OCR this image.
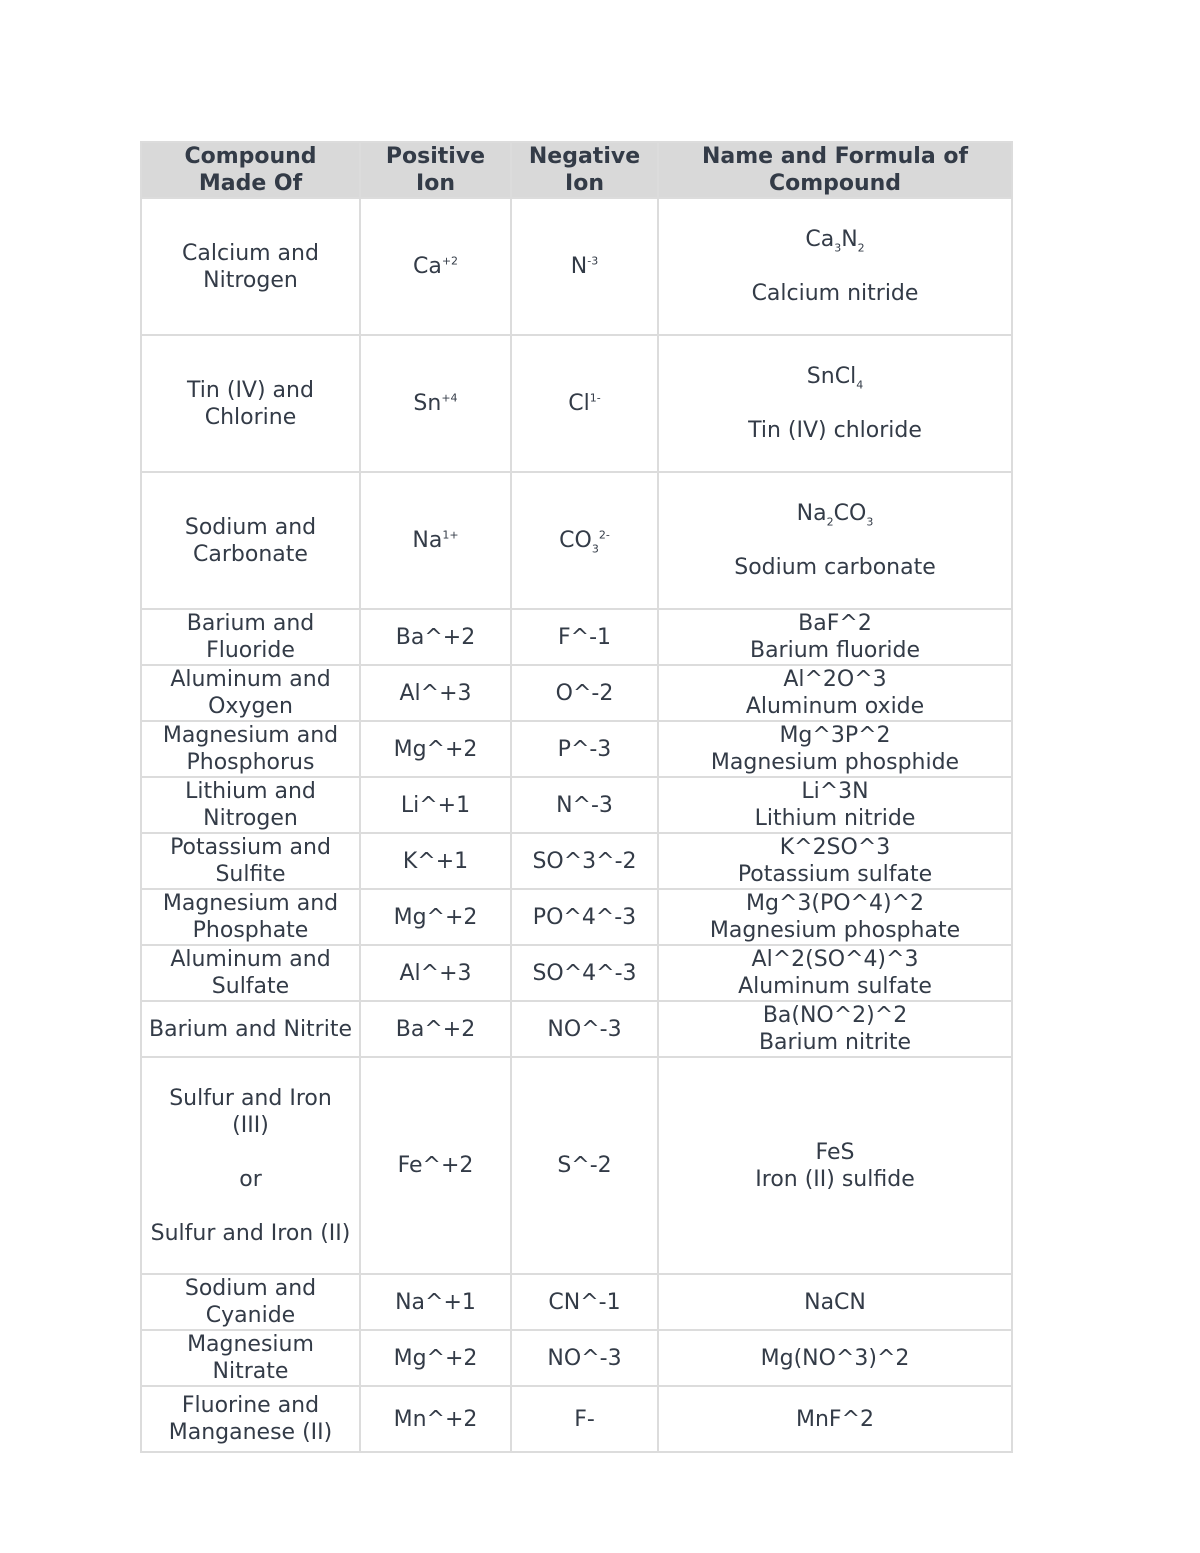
Compound Made Of	Positive Ion	Negative Ion	Name and Formula of Compound
Calcium and Nitrogen	$Ca^{+2}$	$N^{-3}$	$Ca_3N_2$
Calcium nitride

Tin (IV) and Chlorine	$Sn^{+4}$	$Cl^{1-}$	SnCl$_4$
Tin (IV) chloride

Sodium and Carbonate	$Na^{1+}$	$CO_3^{2-}$	$Na_2CO_3$
Sodium carbonate

Barium and Fluoride	Ba^+2	F^-1	BaF^2
Barium fluoride

Aluminum and Oxygen	Al^+3	O^-2	Al^2O^3
Aluminum oxide

Magnesium and Phosphorus	Mg^+2	P^-3	Mg^3P^2
Magnesium phosphide

Lithium and Nitrogen	Li^+1	N^-3	Li^3N
Lithium nitride

Potassium and Sulfite	K^+1	SO^3^-2	K^2SO^3
Potassium sulfate

Magnesium and Phosphate	Mg^+2	PO^4^-3	Mg^3(PO^4)^2
Magnesium phosphate

Aluminum and Sulfate	Al^+3	SO^4^-3	Al^2(SO^4)^3
Aluminum sulfate

Barium and Nitrite	Ba^+2	NO^-3	Ba(NO^2)^2
Barium nitrite

Sulfur and Iron (III)
or
Sulfur and Iron (II)	Fe^+2	S^-2	FeS
Iron (II) sulfide

Sodium and Cyanide	Na^+1	CN^-1	NaCN
Magnesium Nitrate	Mg^+2	NO^-3	Mg(NO^3)^2
Fluorine and Manganese (II)	Mn^+2	F-	MnF^2
